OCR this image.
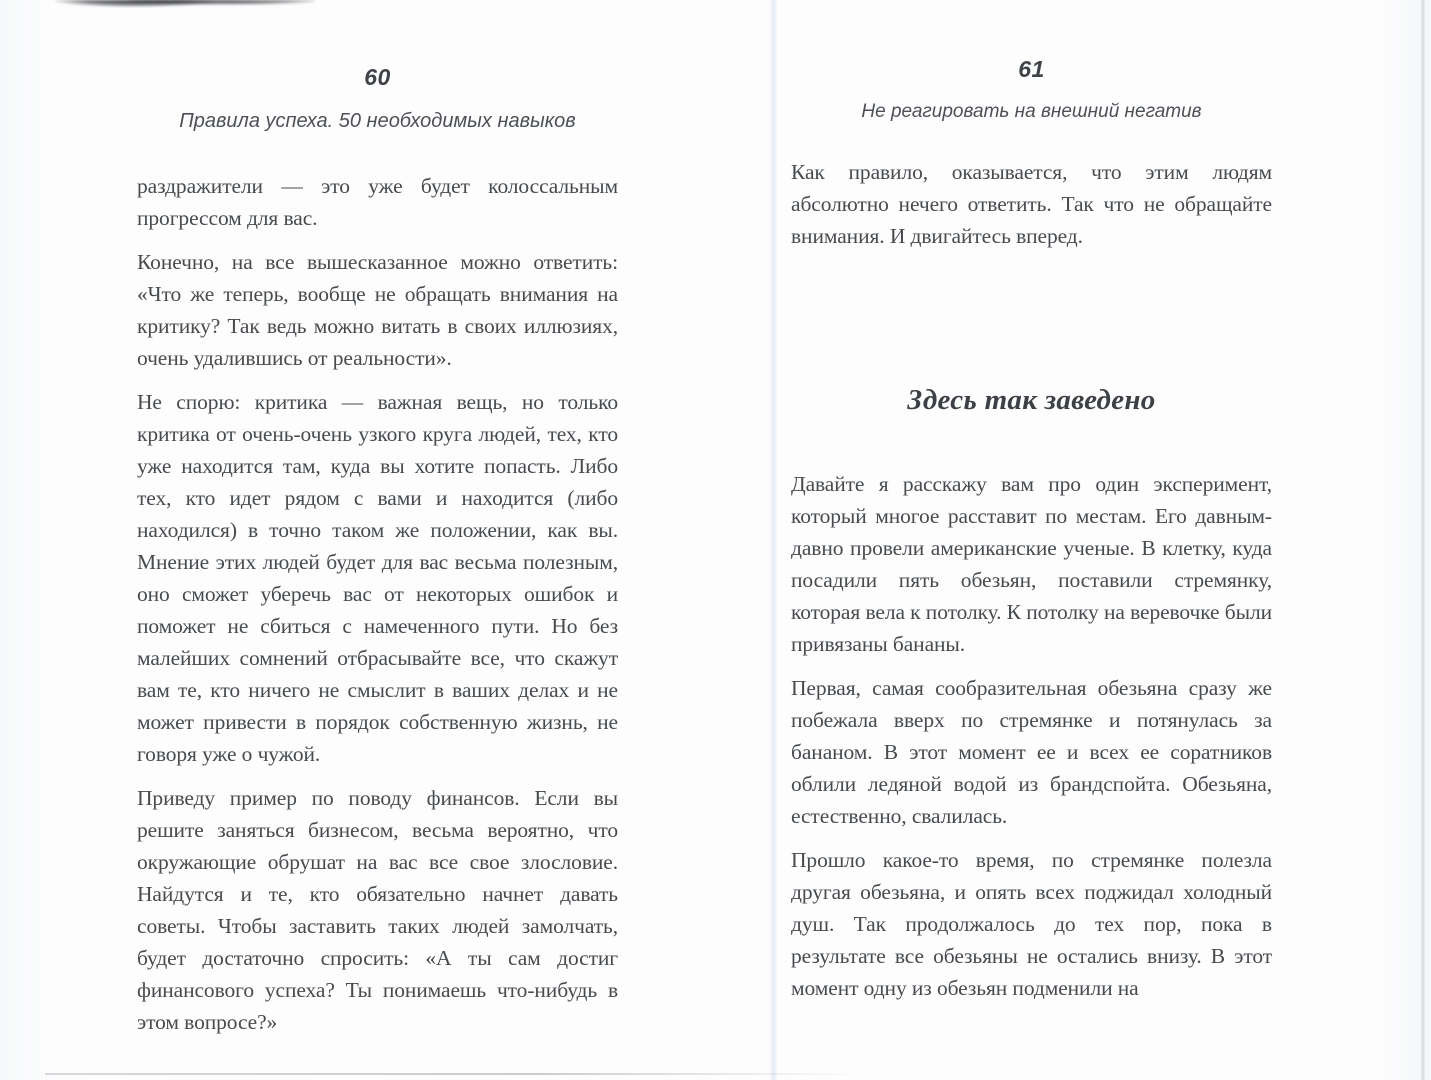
60
Правила успеха. 50 необходимых навыков

раздражители — это уже будет колоссальным прогрессом для вас.

Конечно, на все вышесказанное можно ответить: «Что же теперь, вообще не обращать внимания на критику? Так ведь можно витать в своих иллюзиях, очень удалившись от реальности».

Не спорю: критика — важная вещь, но только критика от очень-очень узкого круга людей, тех, кто уже находится там, куда вы хотите попасть. Либо тех, кто идет рядом с вами и находится (либо находился) в точно таком же положении, как вы. Мнение этих людей будет для вас весьма полезным, оно сможет уберечь вас от некоторых ошибок и поможет не сбиться с намеченного пути. Но без малейших сомнений отбрасывайте все, что скажут вам те, кто ничего не смыслит в ваших делах и не может привести в порядок собственную жизнь, не говоря уже о чужой.

Приведу пример по поводу финансов. Если вы решите заняться бизнесом, весьма вероятно, что окружающие обрушат на вас все свое злословие. Найдутся и те, кто обязательно начнет давать советы. Чтобы заставить таких людей замолчать, будет достаточно спросить: «А ты сам достиг финансового успеха? Ты понимаешь что-нибудь в этом вопросе?»

61
Не реагировать на внешний негатив

Как правило, оказывается, что этим людям абсолютно нечего ответить. Так что не обращайте внимания. И двигайтесь вперед.

Здесь так заведено

Давайте я расскажу вам про один эксперимент, который многое расставит по местам. Его давным-давно провели американские ученые. В клетку, куда посадили пять обезьян, поставили стремянку, которая вела к потолку. К потолку на веревочке были привязаны бананы.

Первая, самая сообразительная обезьяна сразу же побежала вверх по стремянке и потянулась за бананом. В этот момент ее и всех ее соратников облили ледяной водой из брандспойта. Обезьяна, естественно, свалилась.

Прошло какое-то время, по стремянке полезла другая обезьяна, и опять всех поджидал холодный душ. Так продолжалось до тех пор, пока в результате все обезьяны не остались внизу. В этот момент одну из обезьян подменили на
